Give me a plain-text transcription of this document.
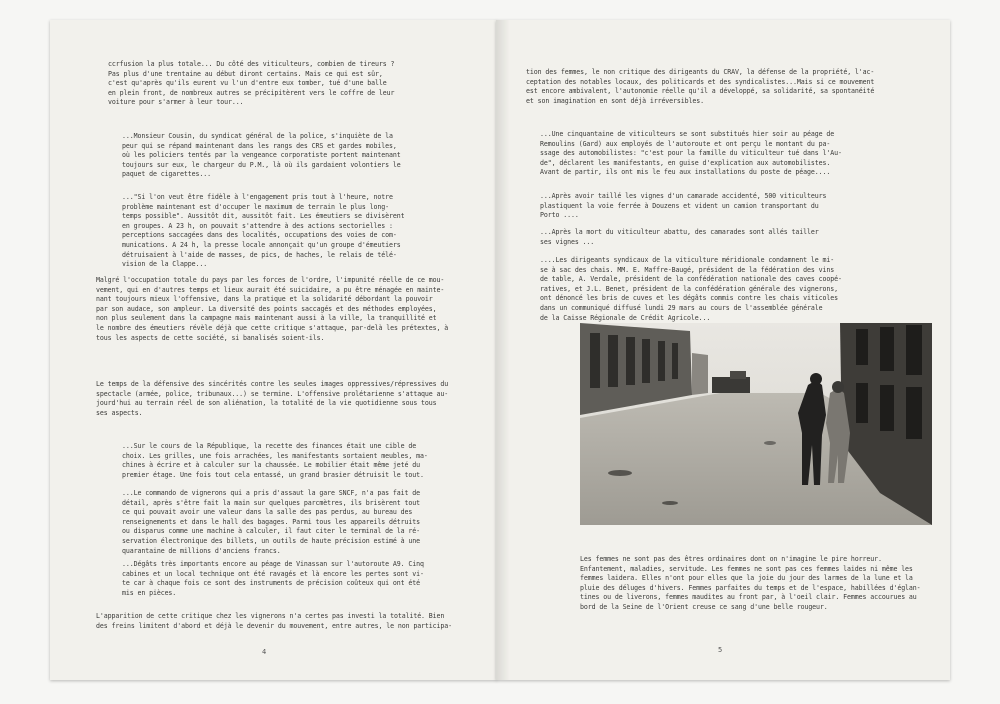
ccrfusion la plus totale... Du côté des viticulteurs, combien de tireurs ?
Pas plus d'une trentaine au début diront certains. Mais ce qui est sûr,
c'est qu'après qu'ils eurent vu l'un d'entre eux tomber, tué d'une balle
en plein front, de nombreux autres se précipitèrent vers le coffre de leur
voiture pour s'armer à leur tour...
...Monsieur Cousin, du syndicat général de la police, s'inquiète de la
peur qui se répand maintenant dans les rangs des CRS et gardes mobiles,
où les policiers tentés par la vengeance corporatiste portent maintenant
toujours sur eux, le chargeur du P.M., là où ils gardaient volontiers le
paquet de cigarettes...
..."Si l'on veut être fidèle à l'engagement pris tout à l'heure, notre
problème maintenant est d'occuper le maximum de terrain le plus long-
temps possible". Aussitôt dit, aussitôt fait. Les émeutiers se divisèrent
en groupes. A 23 h, on pouvait s'attendre à des actions sectorielles :
perceptions saccagées dans des localités, occupations des voies de com-
munications. A 24 h, la presse locale annonçait qu'un groupe d'émeutiers
détruisaient à l'aide de masses, de pics, de haches, le relais de télé-
vision de la Clappe...
Malgré l'occupation totale du pays par les forces de l'ordre, l'impunité réelle de ce mou-
vement, qui en d'autres temps et lieux aurait été suicidaire, a pu être ménagée en mainte-
nant toujours mieux l'offensive, dans la pratique et la solidarité débordant la pouvoir
par son audace, son ampleur. La diversité des points saccagés et des méthodes employées,
non plus seulement dans la campagne mais maintenant aussi à la ville, la tranquillité et
le nombre des émeutiers révèle déjà que cette critique s'attaque, par-delà les prétextes, à
tous les aspects de cette société, si banalisés soient-ils.
Le temps de la défensive des sincérités contre les seules images oppressives/répressives du
spectacle (armée, police, tribunaux...) se termine. L'offensive prolétarienne s'attaque au-
jourd'hui au terrain réel de son aliénation, la totalité de la vie quotidienne sous tous
ses aspects.
...Sur le cours de la République, la recette des finances était une cible de
choix. Les grilles, une fois arrachées, les manifestants sortaient meubles, ma-
chines à écrire et à calculer sur la chaussée. Le mobilier était même jeté du
premier étage. Une fois tout cela entassé, un grand brasier détruisit le tout.
...Le commando de vignerons qui a pris d'assaut la gare SNCF, n'a pas fait de
détail, après s'être fait la main sur quelques parcmètres, ils brisèrent tout
ce qui pouvait avoir une valeur dans la salle des pas perdus, au bureau des
renseignements et dans le hall des bagages. Parmi tous les appareils détruits
ou disparus comme une machine à calculer, il faut citer le terminal de la ré-
servation électronique des billets, un outils de haute précision estimé à une
quarantaine de millions d'anciens francs.
...Dégâts très importants encore au péage de Vinassan sur l'autoroute A9. Cinq
cabines et un local technique ont été ravagés et là encore les pertes sont vi-
te car à chaque fois ce sont des instruments de précision coûteux qui ont été
mis en pièces.
L'apparition de cette critique chez les vignerons n'a certes pas investi la totalité. Bien
des freins limitent d'abord et déjà le devenir du mouvement, entre autres, le non participa-
4
tion des femmes, le non critique des dirigeants du CRAV, la défense de la propriété, l'ac-
ceptation des notables locaux, des politicards et des syndicalistes...Mais si ce mouvement
est encore ambivalent, l'autonomie réelle qu'il a développé, sa solidarité, sa spontanéité
et son imagination en sont déjà irréversibles.
...Une cinquantaine de viticulteurs se sont substitués hier soir au péage de
Remoulins (Gard) aux employés de l'autoroute et ont perçu le montant du pa-
ssage des automobilistes: "c'est pour la famille du viticulteur tué dans l'Au-
de", déclarent les manifestants, en guise d'explication aux automobilistes.
Avant de partir, ils ont mis le feu aux installations du poste de péage....
...Après avoir taillé les vignes d'un camarade accidenté, 500 viticulteurs
plastiquent la voie ferrée à Douzens et vident un camion transportant du
Porto ....
...Après la mort du viticulteur abattu, des camarades sont allés tailler
ses vignes ...
....Les dirigeants syndicaux de la viticulture méridionale condamnent le mi-
se à sac des chais. MM. E. Maffre-Baugé, président de la fédération des vins
de table, A. Verdale, président de la confédération nationale des caves coopé-
ratives, et J.L. Benet, président de la confédération générale des vignerons,
ont dénoncé les bris de cuves et les dégâts commis contre les chais viticoles
dans un communiqué diffusé lundi 29 mars au cours de l'assemblée générale
de la Caisse Régionale de Crédit Agricole...
Les femmes ne sont pas des êtres ordinaires dont on n'imagine le pire horreur.
Enfantement, maladies, servitude. Les femmes ne sont pas ces femmes laides ni même les
femmes laidera. Elles n'ont pour elles que la joie du jour des larmes de la lune et la
pluie des déluges d'hivers. Femmes parfaites du temps et de l'espace, habillées d'églan-
tines ou de liverons, femmes maudites au front par, à l'oeil clair. Femmes accourues au
bord de la Seine de l'Orient creuse ce sang d'une belle rougeur.
5
